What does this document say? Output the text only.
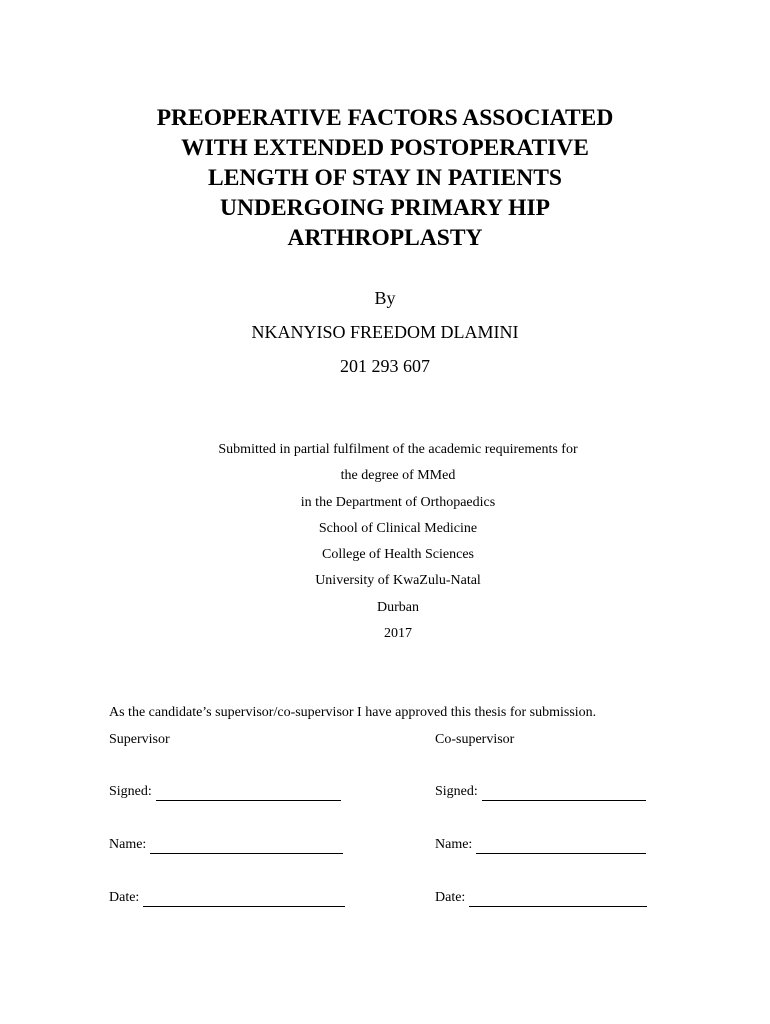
PREOPERATIVE FACTORS ASSOCIATED
WITH EXTENDED POSTOPERATIVE
LENGTH OF STAY IN PATIENTS
UNDERGOING PRIMARY HIP
ARTHROPLASTY
By
NKANYISO FREEDOM DLAMINI
201 293 607
Submitted in partial fulfilment of the academic requirements for
the degree of MMed
in the Department of Orthopaedics
School of Clinical Medicine
College of Health Sciences
University of KwaZulu-Natal
Durban
2017
As the candidate’s supervisor/co-supervisor I have approved this thesis for submission.
Supervisor
Signed:
Name:
Date:
Co-supervisor
Signed:
Name:
Date:
